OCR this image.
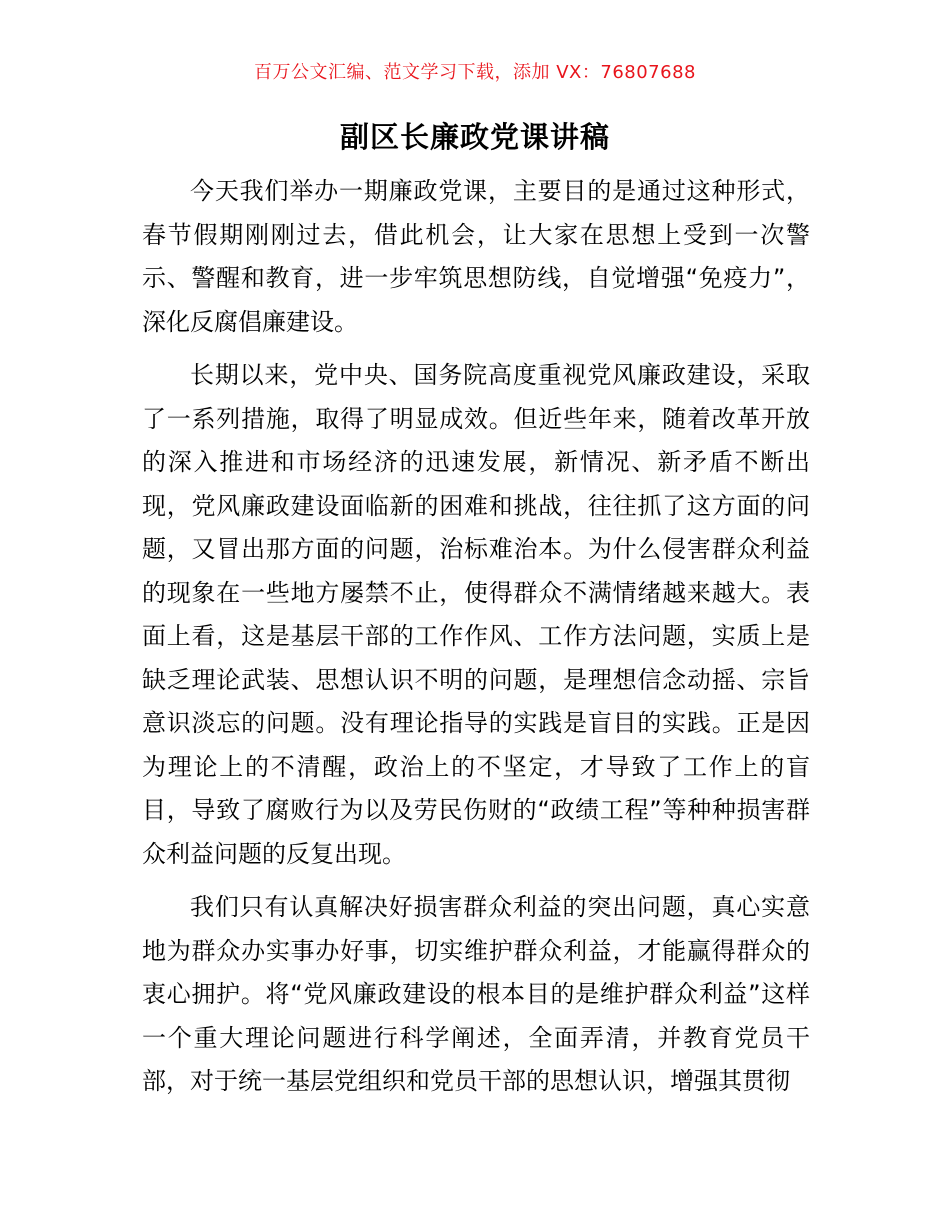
百万公文汇编、范文学习下载，添加 VX：76807688
副区长廉政党课讲稿

今天我们举办一期廉政党课，主要目的是通过这种形式，春节假期刚刚过去，借此机会，让大家在思想上受到一次警示、警醒和教育，进一步牢筑思想防线，自觉增强“免疫力”，深化反腐倡廉建设。

长期以来，党中央、国务院高度重视党风廉政建设，采取了一系列措施，取得了明显成效。但近些年来，随着改革开放的深入推进和市场经济的迅速发展，新情况、新矛盾不断出现，党风廉政建设面临新的困难和挑战，往往抓了这方面的问题，又冒出那方面的问题，治标难治本。为什么侵害群众利益的现象在一些地方屡禁不止，使得群众不满情绪越来越大。表面上看，这是基层干部的工作作风、工作方法问题，实质上是缺乏理论武装、思想认识不明的问题，是理想信念动摇、宗旨意识淡忘的问题。没有理论指导的实践是盲目的实践。正是因为理论上的不清醒，政治上的不坚定，才导致了工作上的盲目，导致了腐败行为以及劳民伤财的“政绩工程”等种种损害群众利益问题的反复出现。

我们只有认真解决好损害群众利益的突出问题，真心实意地为群众办实事办好事，切实维护群众利益，才能赢得群众的衷心拥护。将“党风廉政建设的根本目的是维护群众利益”这样一个重大理论问题进行科学阐述，全面弄清，并教育党员干部，对于统一基层党组织和党员干部的思想认识，增强其贯彻
